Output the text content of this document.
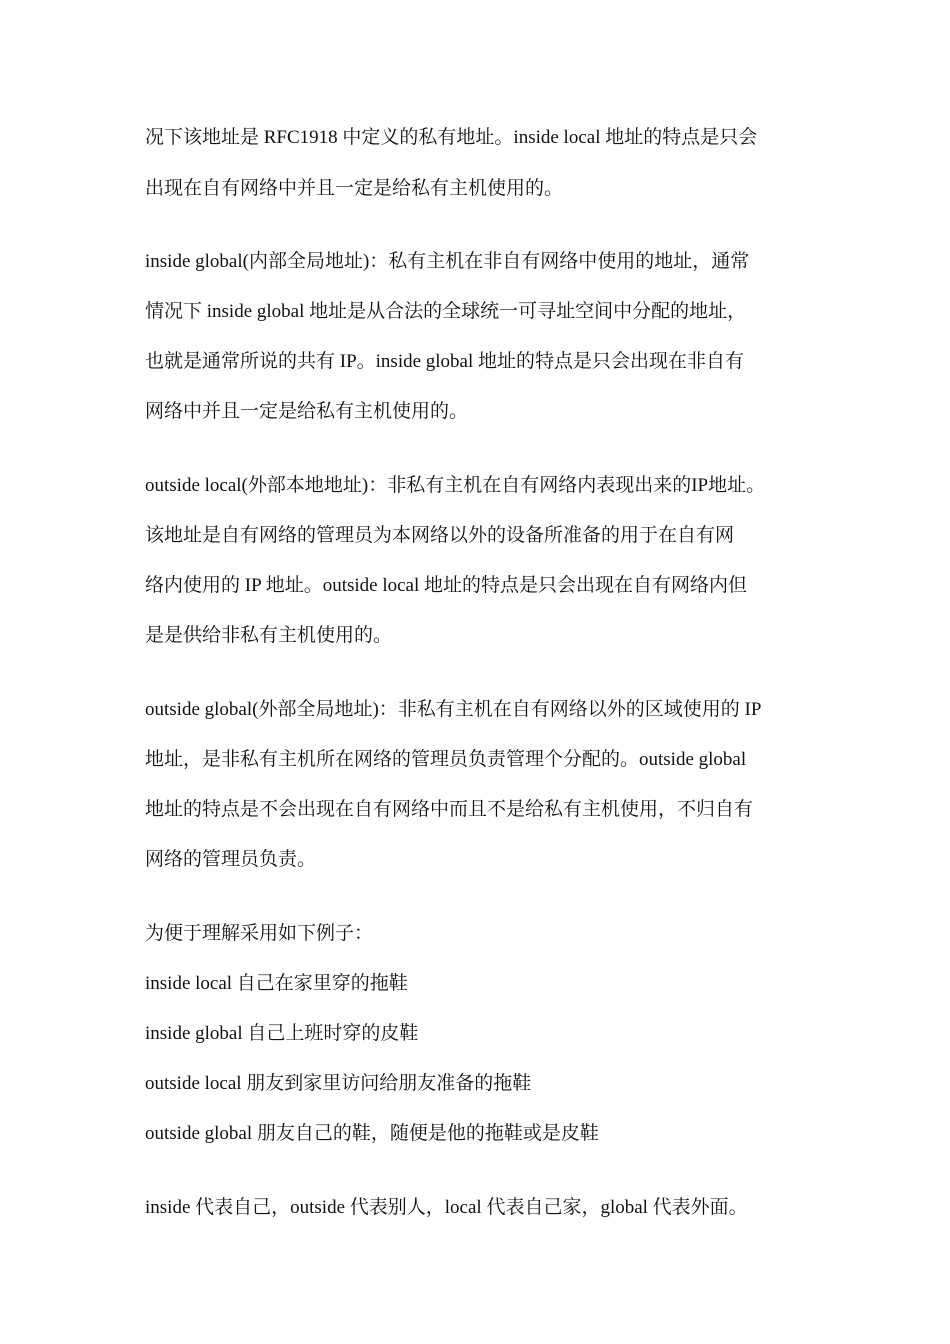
况下该地址是 RFC1918 中定义的私有地址。inside local 地址的特点是只会
出现在自有网络中并且一定是给私有主机使用的。
inside global(内部全局地址)：私有主机在非自有网络中使用的地址，通常
情况下 inside global 地址是从合法的全球统一可寻址空间中分配的地址，
也就是通常所说的共有 IP。inside global 地址的特点是只会出现在非自有
网络中并且一定是给私有主机使用的。
outside local(外部本地地址)：非私有主机在自有网络内表现出来的IP地址。
该地址是自有网络的管理员为本网络以外的设备所准备的用于在自有网
络内使用的 IP 地址。outside local 地址的特点是只会出现在自有网络内但
是是供给非私有主机使用的。
outside global(外部全局地址)：非私有主机在自有网络以外的区域使用的 IP
地址，是非私有主机所在网络的管理员负责管理个分配的。outside global
地址的特点是不会出现在自有网络中而且不是给私有主机使用，不归自有
网络的管理员负责。
为便于理解采用如下例子：
inside local 自己在家里穿的拖鞋
inside global 自己上班时穿的皮鞋
outside local 朋友到家里访问给朋友准备的拖鞋
outside global 朋友自己的鞋，随便是他的拖鞋或是皮鞋
inside 代表自己，outside 代表别人，local 代表自己家，global 代表外面。
